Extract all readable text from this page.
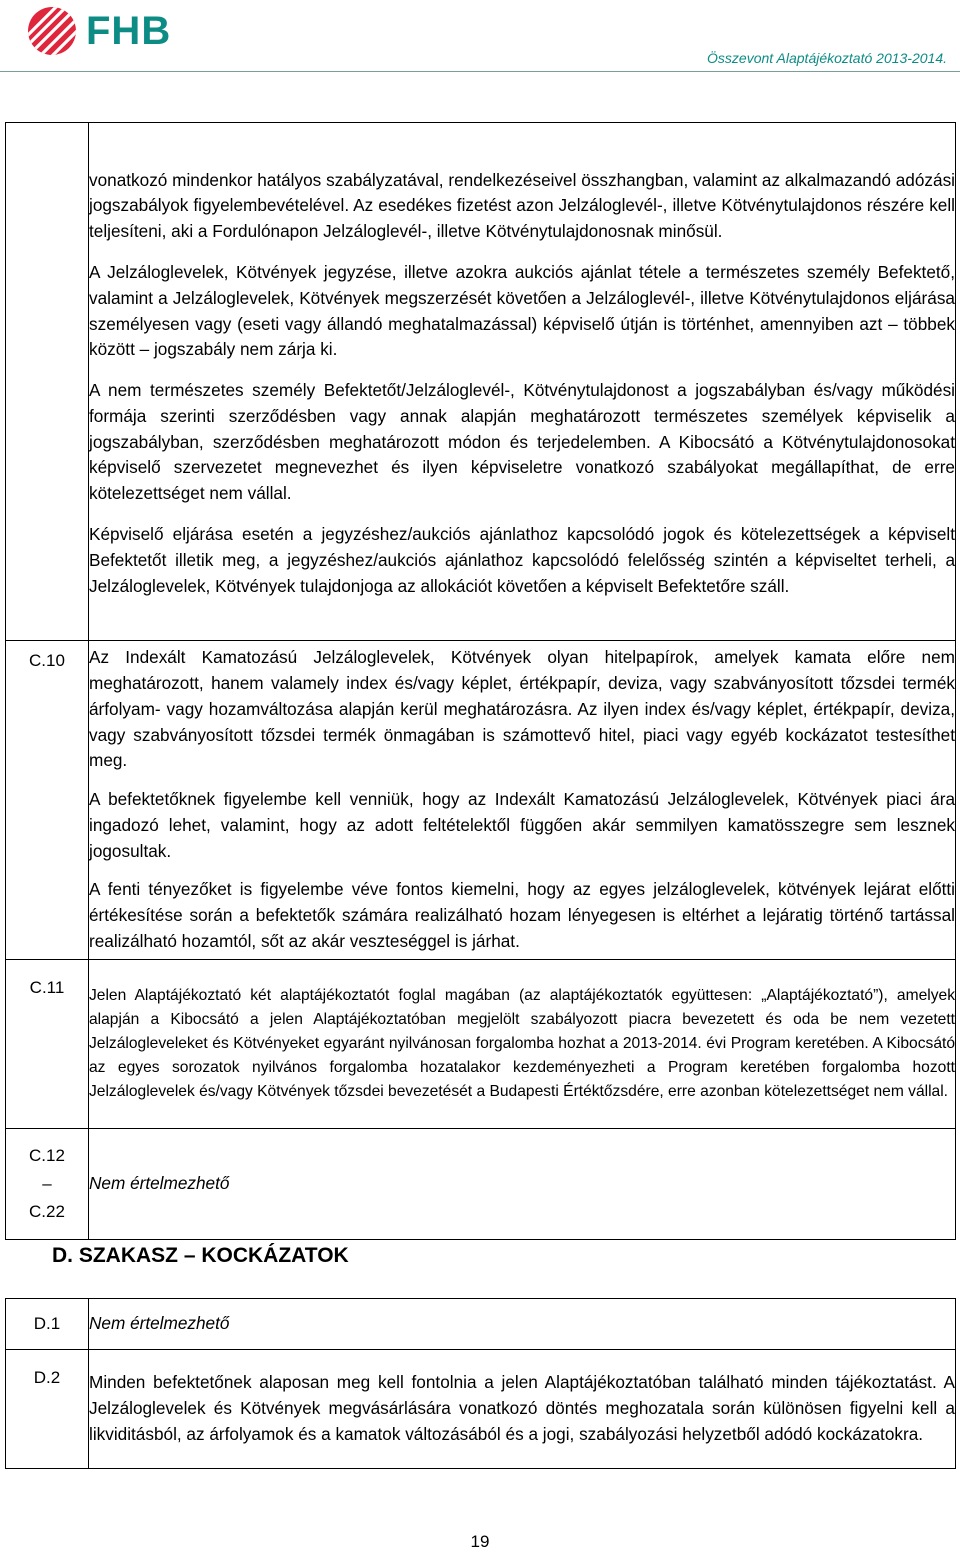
FHB
Összevont Alaptájékoztató 2013-2014.

	vonatkozó mindenkor hatályos szabályzatával, rendelkezéseivel összhangban, valamint az alkalmazandó adózási jogszabályok figyelembevételével. Az esedékes fizetést azon Jelzáloglevél-, illetve Kötvénytulajdonos részére kell teljesíteni, aki a Fordulónapon Jelzáloglevél-, illetve Kötvénytulajdonosnak minősül.

A Jelzáloglevelek, Kötvények jegyzése, illetve azokra aukciós ajánlat tétele a természetes személy Befektető, valamint a Jelzáloglevelek, Kötvények megszerzését követően a Jelzáloglevél-, illetve Kötvénytulajdonos eljárása személyesen vagy (eseti vagy állandó meghatalmazással) képviselő útján is történhet, amennyiben azt – többek között – jogszabály nem zárja ki.

A nem természetes személy Befektetőt/Jelzáloglevél-, Kötvénytulajdonost a jogszabályban és/vagy működési formája szerinti szerződésben vagy annak alapján meghatározott természetes személyek képviselik a jogszabályban, szerződésben meghatározott módon és terjedelemben. A Kibocsátó a Kötvénytulajdonosokat képviselő szervezetet megnevezhet és ilyen képviseletre vonatkozó szabályokat megállapíthat, de erre kötelezettséget nem vállal.

Képviselő eljárása esetén a jegyzéshez/aukciós ajánlathoz kapcsolódó jogok és kötelezettségek a képviselt Befektetőt illetik meg, a jegyzéshez/aukciós ajánlathoz kapcsolódó felelősség szintén a képviseltet terheli, a Jelzáloglevelek, Kötvények tulajdonjoga az allokációt követően a képviselt Befektetőre száll.

C.10	Az Indexált Kamatozású Jelzáloglevelek, Kötvények olyan hitelpapírok, amelyek kamata előre nem meghatározott, hanem valamely index és/vagy képlet, értékpapír, deviza, vagy szabványosított tőzsdei termék árfolyam- vagy hozamváltozása alapján kerül meghatározásra. Az ilyen index és/vagy képlet, értékpapír, deviza, vagy szabványosított tőzsdei termék önmagában is számottevő hitel, piaci vagy egyéb kockázatot testesíthet meg.

A befektetőknek figyelembe kell venniük, hogy az Indexált Kamatozású Jelzáloglevelek, Kötvények piaci ára ingadozó lehet, valamint, hogy az adott feltételektől függően akár semmilyen kamatösszegre sem lesznek jogosultak.

A fenti tényezőket is figyelembe véve fontos kiemelni, hogy az egyes jelzáloglevelek, kötvények lejárat előtti értékesítése során a befektetők számára realizálható hozam lényegesen is eltérhet a lejáratig történő tartással realizálható hozamtól, sőt az akár veszteséggel is járhat.

C.11	Jelen Alaptájékoztató két alaptájékoztatót foglal magában (az alaptájékoztatók együttesen: „Alaptájékoztató”), amelyek alapján a Kibocsátó a jelen Alaptájékoztatóban megjelölt szabályozott piacra bevezetett és oda be nem vezetett Jelzálogleveleket és Kötvényeket egyaránt nyilvánosan forgalomba hozhat a 2013-2014. évi Program keretében. A Kibocsátó az egyes sorozatok nyilvános forgalomba hozatalakor kezdeményezheti a Program keretében forgalomba hozott Jelzáloglevelek és/vagy Kötvények tőzsdei bevezetését a Budapesti Értéktőzsdére, erre azonban kötelezettséget nem vállal.

C.12
–
C.22	Nem értelmezhető

D. SZAKASZ – KOCKÁZATOK
D.1	Nem értelmezhető

D.2	Minden befektetőnek alaposan meg kell fontolnia a jelen Alaptájékoztatóban található minden tájékoztatást. A Jelzáloglevelek és Kötvények megvásárlására vonatkozó döntés meghozatala során különösen figyelni kell a likviditásból, az árfolyamok és a kamatok változásából és a jogi, szabályozási helyzetből adódó kockázatokra.

19
